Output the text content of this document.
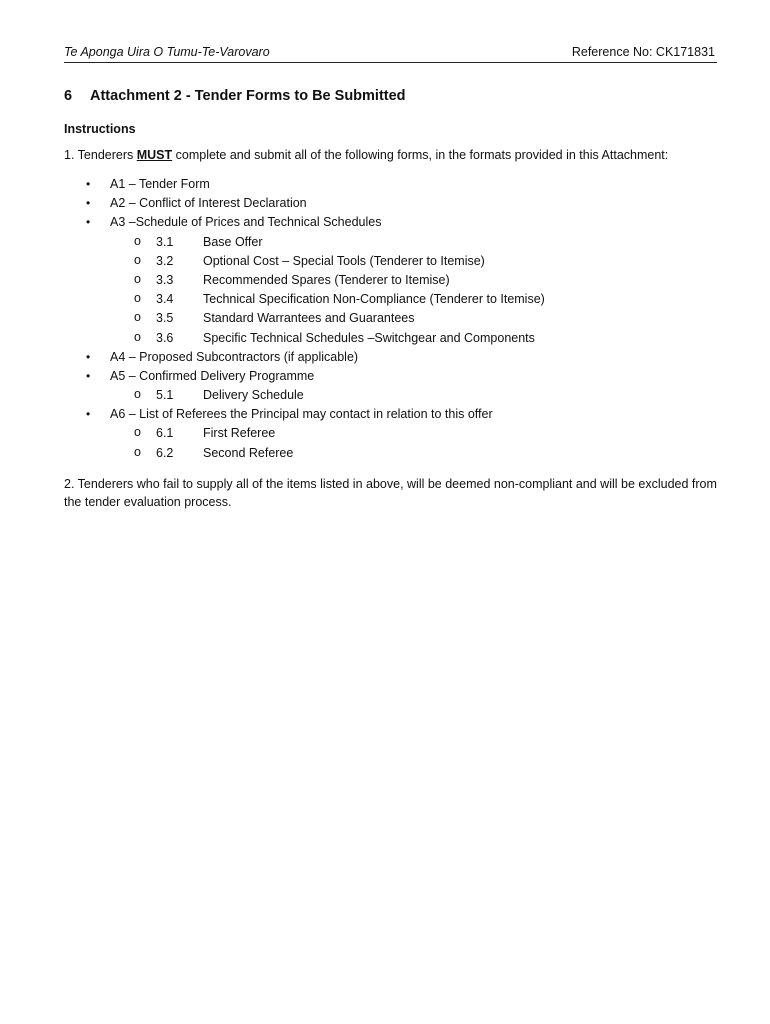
Te Aponga Uira O Tumu-Te-Varovaro	Reference No: CK171831
6 Attachment 2 - Tender Forms to Be Submitted
Instructions
1. Tenderers MUST complete and submit all of the following forms, in the formats provided in this Attachment:
• A1 – Tender Form
• A2 – Conflict of Interest Declaration
• A3 –Schedule of Prices and Technical Schedules
o 3.1 Base Offer
o 3.2 Optional Cost – Special Tools (Tenderer to Itemise)
o 3.3 Recommended Spares (Tenderer to Itemise)
o 3.4 Technical Specification Non-Compliance (Tenderer to Itemise)
o 3.5 Standard Warrantees and Guarantees
o 3.6 Specific Technical Schedules –Switchgear and Components
• A4 – Proposed Subcontractors (if applicable)
• A5 – Confirmed Delivery Programme
o 5.1 Delivery Schedule
• A6 – List of Referees the Principal may contact in relation to this offer
o 6.1 First Referee
o 6.2 Second Referee
2. Tenderers who fail to supply all of the items listed in above, will be deemed non-compliant and will be excluded from the tender evaluation process.
